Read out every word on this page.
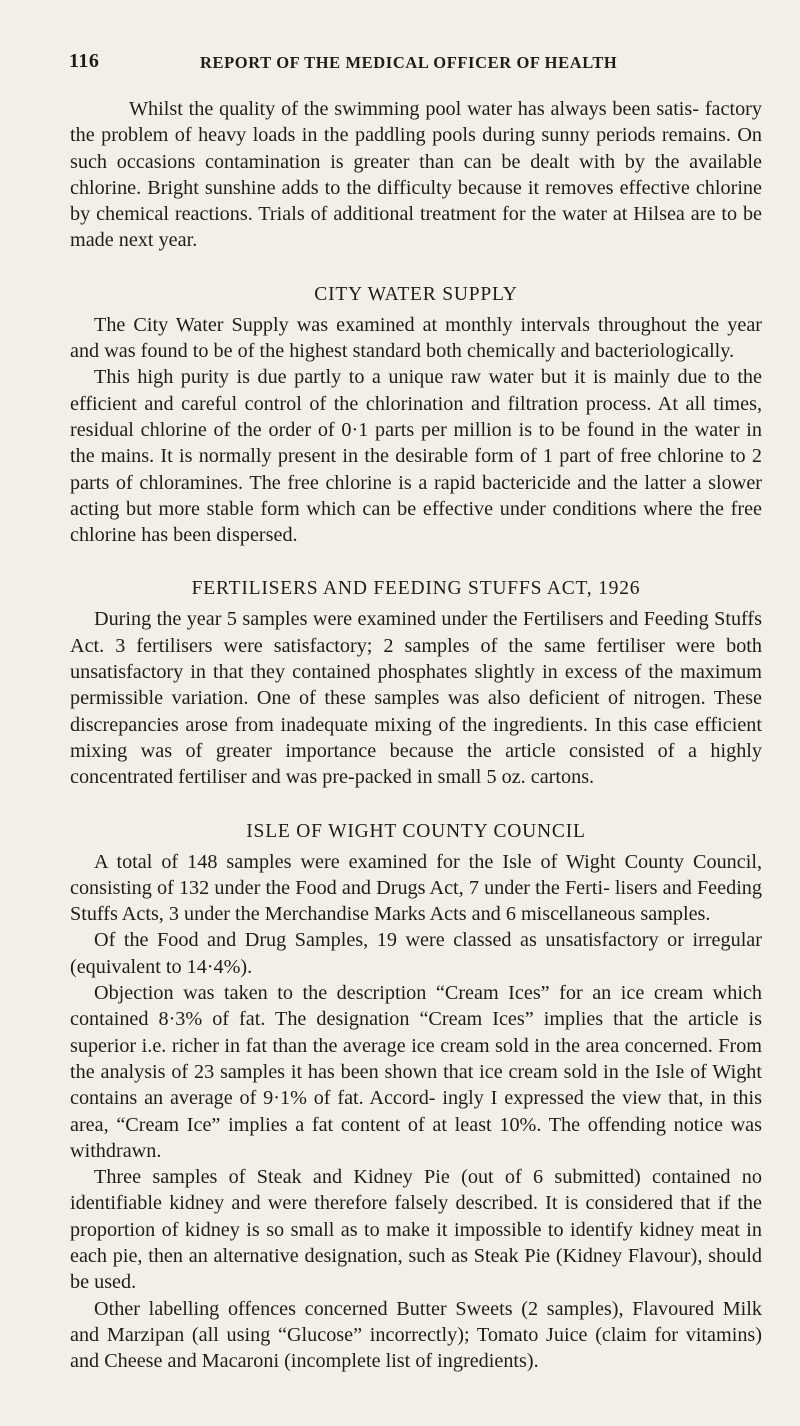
116	REPORT OF THE MEDICAL OFFICER OF HEALTH

Whilst the quality of the swimming pool water has always been satis- factory the problem of heavy loads in the paddling pools during sunny periods remains. On such occasions contamination is greater than can be dealt with by the available chlorine. Bright sunshine adds to the difficulty because it removes effective chlorine by chemical reactions. Trials of additional treatment for the water at Hilsea are to be made next year.

CITY WATER SUPPLY

The City Water Supply was examined at monthly intervals throughout the year and was found to be of the highest standard both chemically and bacteriologically.

This high purity is due partly to a unique raw water but it is mainly due to the efficient and careful control of the chlorination and filtration process. At all times, residual chlorine of the order of 0·1 parts per million is to be found in the water in the mains. It is normally present in the desirable form of 1 part of free chlorine to 2 parts of chloramines. The free chlorine is a rapid bactericide and the latter a slower acting but more stable form which can be effective under conditions where the free chlorine has been dispersed.

FERTILISERS AND FEEDING STUFFS ACT, 1926

During the year 5 samples were examined under the Fertilisers and Feeding Stuffs Act. 3 fertilisers were satisfactory; 2 samples of the same fertiliser were both unsatisfactory in that they contained phosphates slightly in excess of the maximum permissible variation. One of these samples was also deficient of nitrogen. These discrepancies arose from inadequate mixing of the ingredients. In this case efficient mixing was of greater importance because the article consisted of a highly concentrated fertiliser and was pre-packed in small 5 oz. cartons.

ISLE OF WIGHT COUNTY COUNCIL

A total of 148 samples were examined for the Isle of Wight County Council, consisting of 132 under the Food and Drugs Act, 7 under the Ferti- lisers and Feeding Stuffs Acts, 3 under the Merchandise Marks Acts and 6 miscellaneous samples.

Of the Food and Drug Samples, 19 were classed as unsatisfactory or irregular (equivalent to 14·4%).

Objection was taken to the description “Cream Ices” for an ice cream which contained 8·3% of fat. The designation “Cream Ices” implies that the article is superior i.e. richer in fat than the average ice cream sold in the area concerned. From the analysis of 23 samples it has been shown that ice cream sold in the Isle of Wight contains an average of 9·1% of fat. Accord- ingly I expressed the view that, in this area, “Cream Ice” implies a fat content of at least 10%. The offending notice was withdrawn.

Three samples of Steak and Kidney Pie (out of 6 submitted) contained no identifiable kidney and were therefore falsely described. It is considered that if the proportion of kidney is so small as to make it impossible to identify kidney meat in each pie, then an alternative designation, such as Steak Pie (Kidney Flavour), should be used.

Other labelling offences concerned Butter Sweets (2 samples), Flavoured Milk and Marzipan (all using “Glucose” incorrectly); Tomato Juice (claim for vitamins) and Cheese and Macaroni (incomplete list of ingredients).
